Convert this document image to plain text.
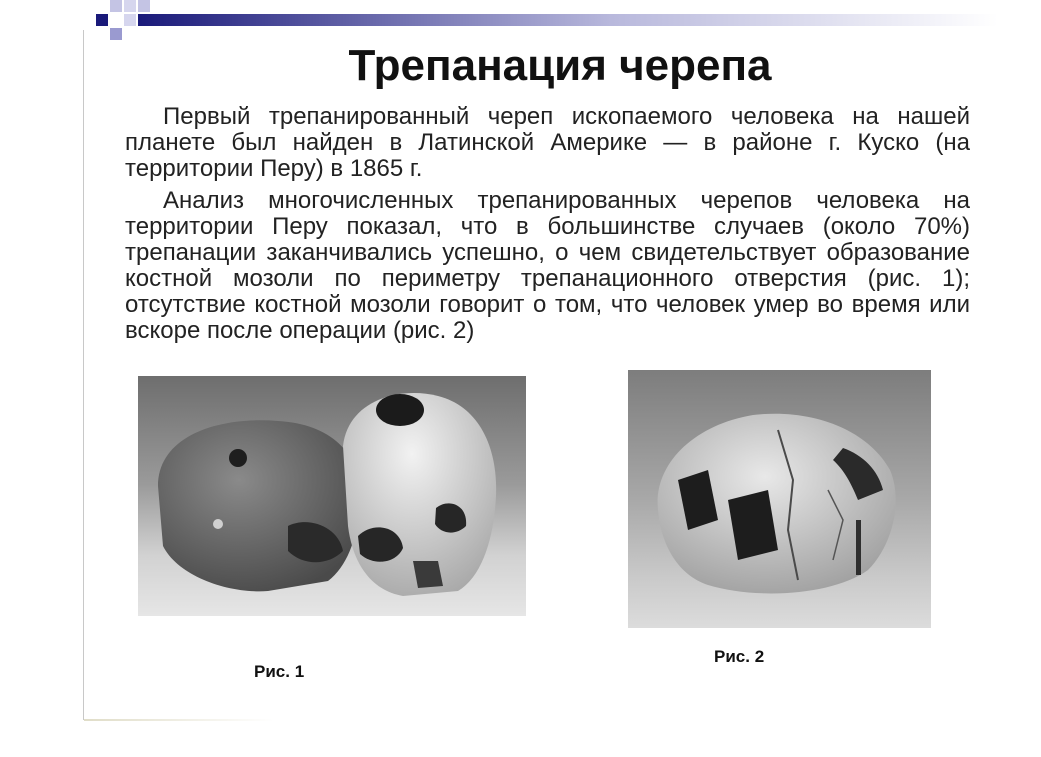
Трепанация черепа

Первый трепанированный череп ископаемого человека на нашей планете был найден в Латинской Америке — в районе г. Куско (на территории Перу) в 1865 г.

Анализ многочисленных трепанированных черепов человека на территории Перу показал, что в большинстве случаев (около 70%) трепанации заканчивались успешно, о чем свидетельствует образование костной мозоли по периметру трепанационного отверстия (рис. 1); отсутствие костной мозоли говорит о том, что человек умер во время или вскоре после операции (рис. 2)

Рис. 1
Рис. 2
